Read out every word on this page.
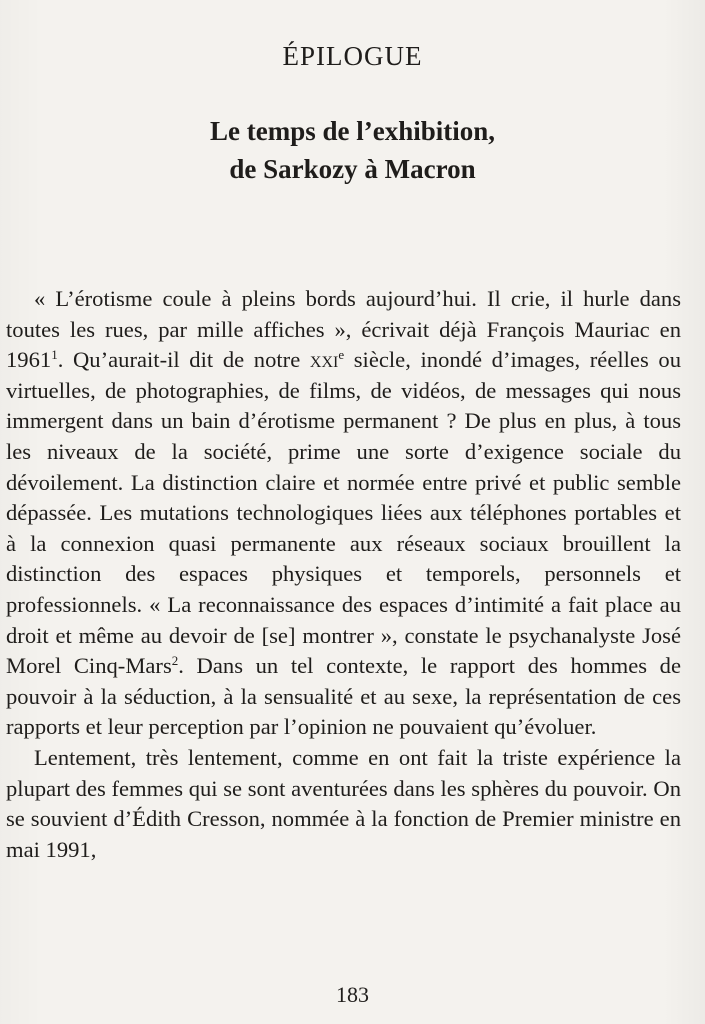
ÉPILOGUE
Le temps de l’exhibition,
de Sarkozy à Macron

« L’érotisme coule à pleins bords aujourd’hui. Il crie, il hurle dans toutes les rues, par mille affiches », écrivait déjà François Mauriac en 1961$^1$. Qu’aurait-il dit de notre xxi$^e$ siècle, inondé d’images, réelles ou virtuelles, de photographies, de films, de vidéos, de messages qui nous immergent dans un bain d’érotisme permanent ? De plus en plus, à tous les niveaux de la société, prime une sorte d’exigence sociale du dévoilement. La distinction claire et normée entre privé et public semble dépassée. Les mutations technologiques liées aux téléphones portables et à la connexion quasi permanente aux réseaux sociaux brouillent la distinction des espaces physiques et temporels, personnels et professionnels. « La reconnaissance des espaces d’intimité a fait place au droit et même au devoir de [se] montrer », constate le psychanalyste José Morel Cinq-Mars$^2$. Dans un tel contexte, le rapport des hommes de pouvoir à la séduction, à la sensualité et au sexe, la représentation de ces rapports et leur perception par l’opinion ne pouvaient qu’évoluer.

Lentement, très lentement, comme en ont fait la triste expérience la plupart des femmes qui se sont aventurées dans les sphères du pouvoir. On se souvient d’Édith Cresson, nommée à la fonction de Premier ministre en mai 1991,

183
